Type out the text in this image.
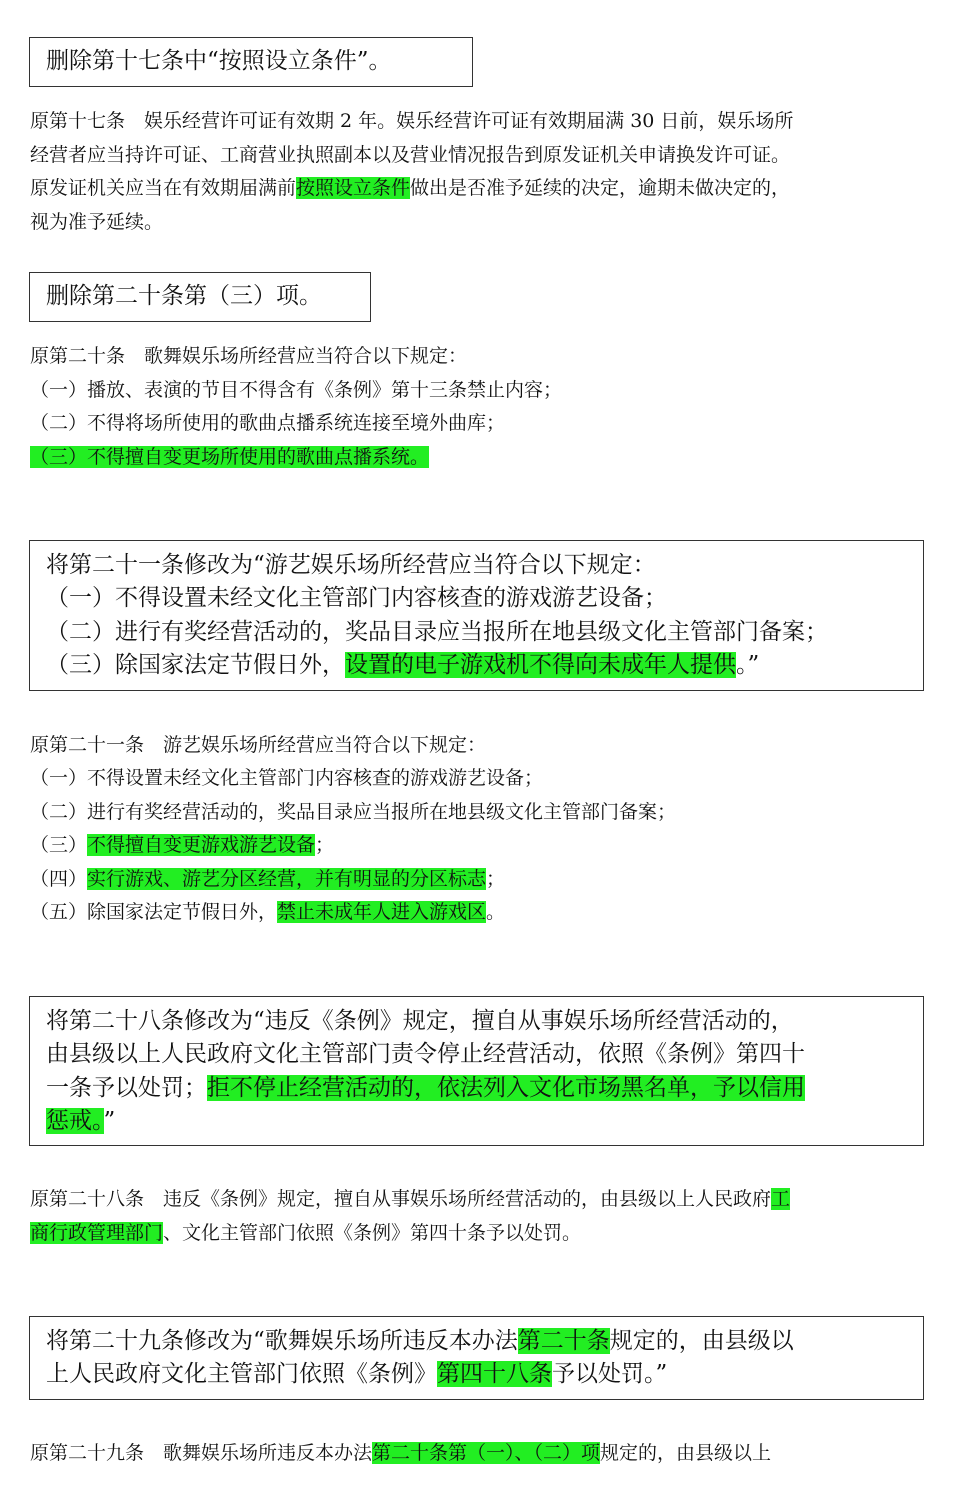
删除第十七条中“按照设立条件”。
原第十七条　娱乐经营许可证有效期 2 年。娱乐经营许可证有效期届满 30 日前，娱乐场所
经营者应当持许可证、工商营业执照副本以及营业情况报告到原发证机关申请换发许可证。
原发证机关应当在有效期届满前按照设立条件做出是否准予延续的决定，逾期未做决定的，
视为准予延续。
删除第二十条第（三）项。
原第二十条　歌舞娱乐场所经营应当符合以下规定：
（一）播放、表演的节目不得含有《条例》第十三条禁止内容；
（二）不得将场所使用的歌曲点播系统连接至境外曲库；
（三）不得擅自变更场所使用的歌曲点播系统。
将第二十一条修改为“游艺娱乐场所经营应当符合以下规定：
（一）不得设置未经文化主管部门内容核查的游戏游艺设备；
（二）进行有奖经营活动的，奖品目录应当报所在地县级文化主管部门备案；
（三）除国家法定节假日外，设置的电子游戏机不得向未成年人提供。”
原第二十一条　游艺娱乐场所经营应当符合以下规定：
（一）不得设置未经文化主管部门内容核查的游戏游艺设备；
（二）进行有奖经营活动的，奖品目录应当报所在地县级文化主管部门备案；
（三）不得擅自变更游戏游艺设备；
（四）实行游戏、游艺分区经营，并有明显的分区标志；
（五）除国家法定节假日外，禁止未成年人进入游戏区。
将第二十八条修改为“违反《条例》规定，擅自从事娱乐场所经营活动的，
由县级以上人民政府文化主管部门责令停止经营活动，依照《条例》第四十
一条予以处罚；拒不停止经营活动的，依法列入文化市场黑名单，予以信用
惩戒。”
原第二十八条　违反《条例》规定，擅自从事娱乐场所经营活动的，由县级以上人民政府工
商行政管理部门、文化主管部门依照《条例》第四十条予以处罚。
将第二十九条修改为“歌舞娱乐场所违反本办法第二十条规定的，由县级以
上人民政府文化主管部门依照《条例》第四十八条予以处罚。”
原第二十九条　歌舞娱乐场所违反本办法第二十条第（一）、（二）项规定的，由县级以上
